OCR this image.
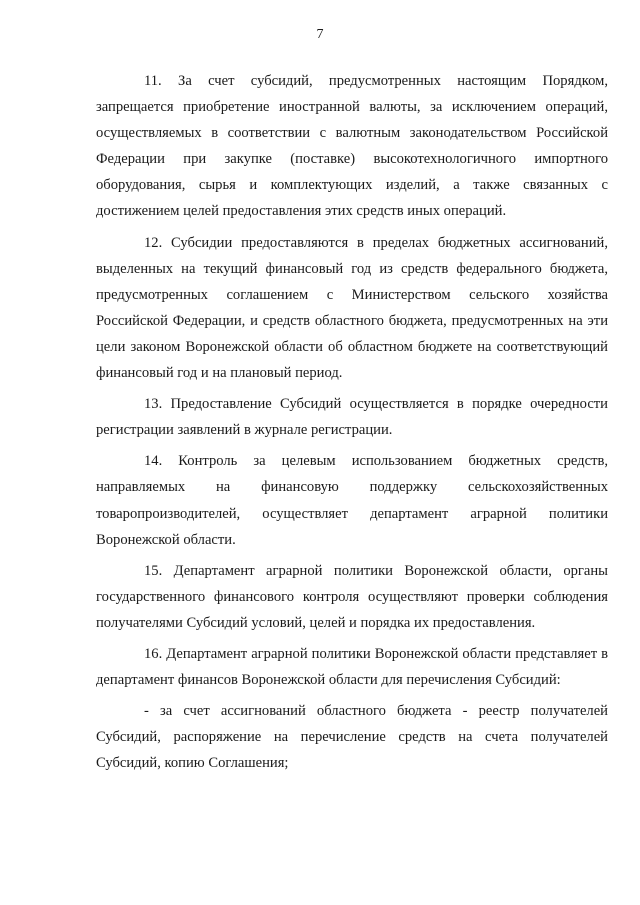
7

11. За счет субсидий, предусмотренных настоящим Порядком, запрещается приобретение иностранной валюты, за исключением операций, осуществляемых в соответствии с валютным законодательством Российской Федерации при закупке (поставке) высокотехнологичного импортного оборудования, сырья и комплектующих изделий, а также связанных с достижением целей предоставления этих средств иных операций.

12. Субсидии предоставляются в пределах бюджетных ассигнований, выделенных на текущий финансовый год из средств федерального бюджета, предусмотренных соглашением с Министерством сельского хозяйства Российской Федерации, и средств областного бюджета, предусмотренных на эти цели законом Воронежской области об областном бюджете на соответствующий финансовый год и на плановый период.

13. Предоставление Субсидий осуществляется в порядке очередности регистрации заявлений в журнале регистрации.

14. Контроль за целевым использованием бюджетных средств, направляемых на финансовую поддержку сельскохозяйственных товаропроизводителей, осуществляет департамент аграрной политики Воронежской области.

15. Департамент аграрной политики Воронежской области, органы государственного финансового контроля осуществляют проверки соблюдения получателями Субсидий условий, целей и порядка их предоставления.

16. Департамент аграрной политики Воронежской области представляет в департамент финансов Воронежской области для перечисления Субсидий:

- за счет ассигнований областного бюджета - реестр получателей Субсидий, распоряжение на перечисление средств на счета получателей Субсидий, копию Соглашения;
